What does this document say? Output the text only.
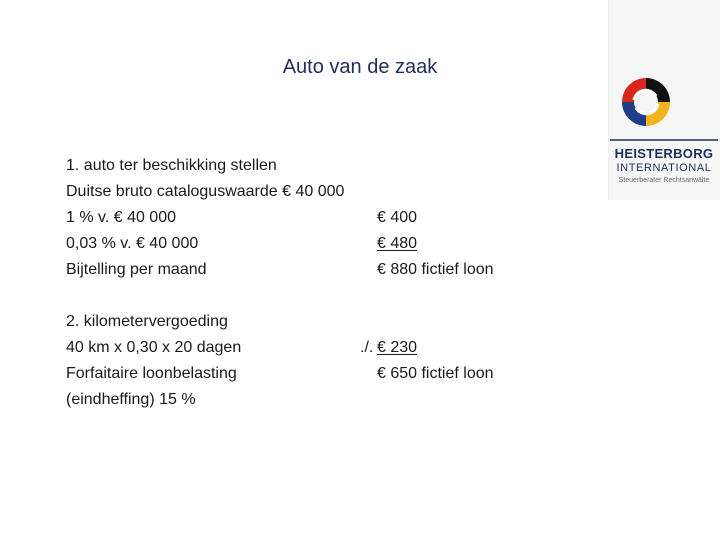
Auto van de zaak
1. auto ter beschikking stellen
Duitse bruto cataloguswaarde € 40 000
1 % v. € 40 000
0,03 % v. € 40 000
Bijtelling per maand
2. kilometervergoeding
40 km x 0,30 x 20 dagen
Forfaitaire loonbelasting
(eindheffing) 15 %
€ 400
€ 480
€ 880 fictief loon
./. € 230
€ 650 fictief loon
HEISTERBORG
INTERNATIONAL
Steuerberater Rechtsanwälte
